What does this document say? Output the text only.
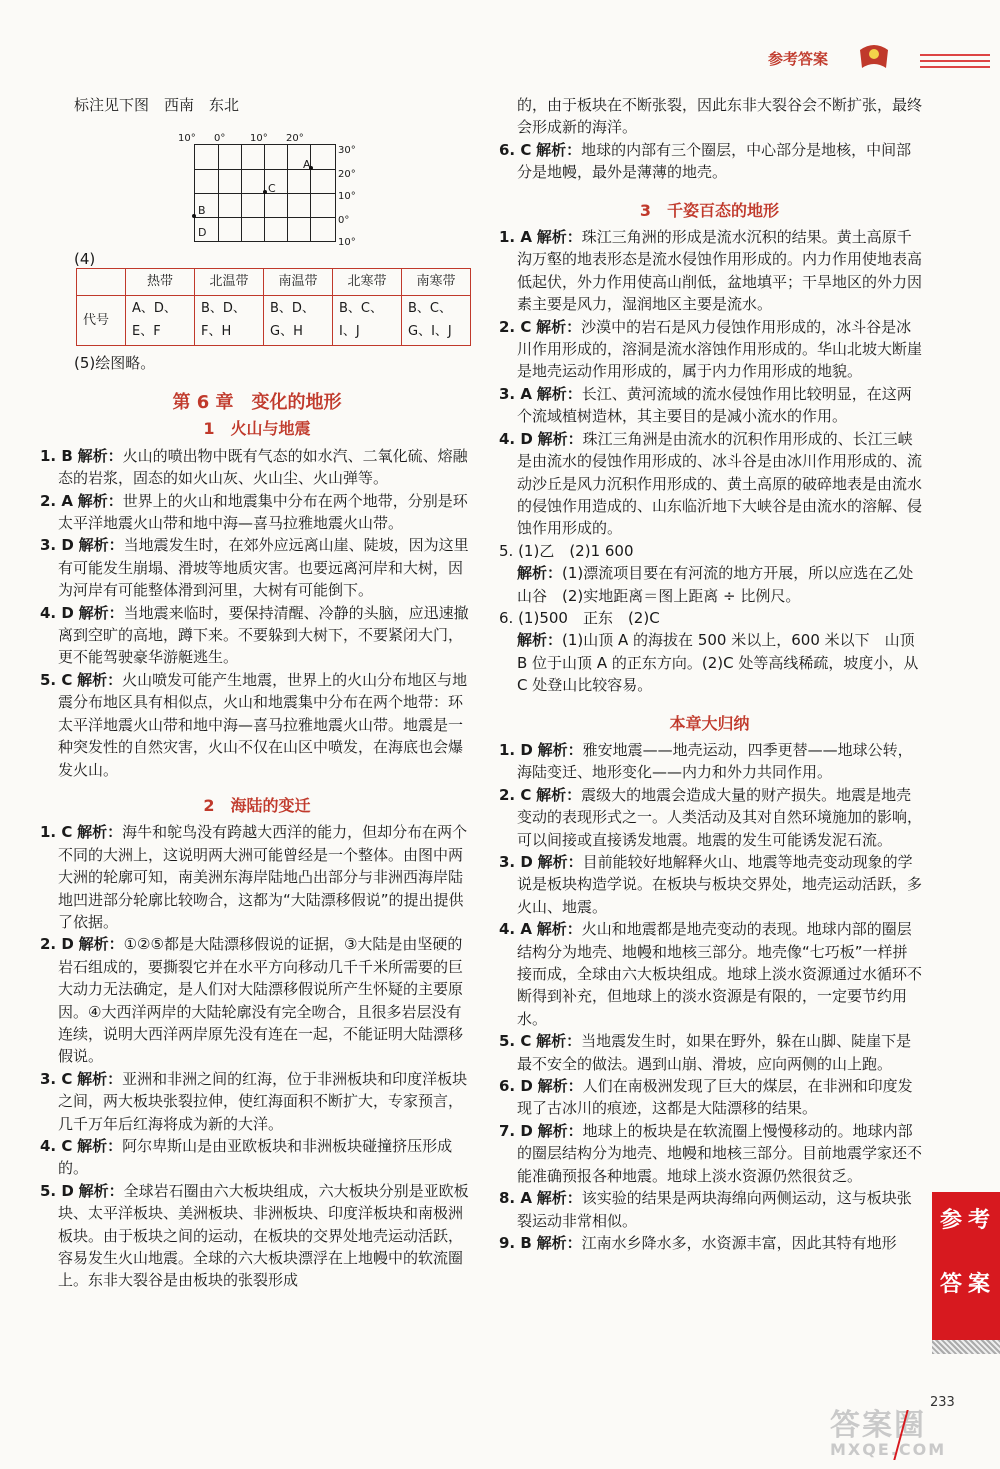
参考答案
标注见下图　西南　东北
10° 0° 10° 20°
30°
20°
10°
0°
10°
A
B
C
D
(4)
	热带	北温带	南温带	北寒带	南寒带
代号	A、D、E、F	B、D、F、H	B、D、G、H	B、C、I、J	B、C、G、I、J
(5)绘图略。

第 6 章　变化的地形

1　火山与地震

1. B 解析：火山的喷出物中既有气态的如水汽、二氧化硫、熔融态的岩浆，固态的如火山灰、火山尘、火山弹等。

2. A 解析：世界上的火山和地震集中分布在两个地带，分别是环太平洋地震火山带和地中海—喜马拉雅地震火山带。

3. D 解析：当地震发生时，在郊外应远离山崖、陡坡，因为这里有可能发生崩塌、滑坡等地质灾害。也要远离河岸和大树，因为河岸有可能整体滑到河里，大树有可能倒下。

4. D 解析：当地震来临时，要保持清醒、冷静的头脑，应迅速撤离到空旷的高地，蹲下来。不要躲到大树下，不要紧闭大门，更不能驾驶豪华游艇逃生。

5. C 解析：火山喷发可能产生地震，世界上的火山分布地区与地震分布地区具有相似点，火山和地震集中分布在两个地带：环太平洋地震火山带和地中海—喜马拉雅地震火山带。地震是一种突发性的自然灾害，火山不仅在山区中喷发，在海底也会爆发火山。

2　海陆的变迁

1. C 解析：海牛和鸵鸟没有跨越大西洋的能力，但却分布在两个不同的大洲上，这说明两大洲可能曾经是一个整体。由图中两大洲的轮廓可知，南美洲东海岸陆地凸出部分与非洲西海岸陆地凹进部分轮廓比较吻合，这都为“大陆漂移假说”的提出提供了依据。

2. D 解析：①②⑤都是大陆漂移假说的证据，③大陆是由坚硬的岩石组成的，要撕裂它并在水平方向移动几千千米所需要的巨大动力无法确定，是人们对大陆漂移假说所产生怀疑的主要原因。④大西洋两岸的大陆轮廓没有完全吻合，且很多岩层没有连续，说明大西洋两岸原先没有连在一起，不能证明大陆漂移假说。

3. C 解析：亚洲和非洲之间的红海，位于非洲板块和印度洋板块之间，两大板块张裂拉伸，使红海面积不断扩大，专家预言，几千万年后红海将成为新的大洋。

4. C 解析：阿尔卑斯山是由亚欧板块和非洲板块碰撞挤压形成的。

5. D 解析：全球岩石圈由六大板块组成，六大板块分别是亚欧板块、太平洋板块、美洲板块、非洲板块、印度洋板块和南极洲板块。由于板块之间的运动，在板块的交界处地壳运动活跃，容易发生火山地震。全球的六大板块漂浮在上地幔中的软流圈上。东非大裂谷是由板块的张裂形成

的，由于板块在不断张裂，因此东非大裂谷会不断扩张，最终会形成新的海洋。

6. C 解析：地球的内部有三个圈层，中心部分是地核，中间部分是地幔，最外是薄薄的地壳。

3　千姿百态的地形

1. A 解析：珠江三角洲的形成是流水沉积的结果。黄土高原千沟万壑的地表形态是流水侵蚀作用形成的。内力作用使地表高低起伏，外力作用使高山削低，盆地填平；干旱地区的外力因素主要是风力，湿润地区主要是流水。

2. C 解析：沙漠中的岩石是风力侵蚀作用形成的，冰斗谷是冰川作用形成的，溶洞是流水溶蚀作用形成的。华山北坡大断崖是地壳运动作用形成的，属于内力作用形成的地貌。

3. A 解析：长江、黄河流域的流水侵蚀作用比较明显，在这两个流域植树造林，其主要目的是减小流水的作用。

4. D 解析：珠江三角洲是由流水的沉积作用形成的、长江三峡是由流水的侵蚀作用形成的、冰斗谷是由冰川作用形成的、流动沙丘是风力沉积作用形成的、黄土高原的破碎地表是由流水的侵蚀作用造成的、山东临沂地下大峡谷是由流水的溶解、侵蚀作用形成的。

5. (1)乙　(2)1 600

解析：(1)漂流项目要在有河流的地方开展，所以应选在乙处山谷　(2)实地距离＝图上距离 ÷ 比例尺。

6. (1)500　正东　(2)C

解析：(1)山顶 A 的海拔在 500 米以上，600 米以下　山顶 B 位于山顶 A 的正东方向。(2)C 处等高线稀疏，坡度小，从 C 处登山比较容易。

本章大归纳

1. D 解析：雅安地震——地壳运动，四季更替——地球公转，海陆变迁、地形变化——内力和外力共同作用。

2. C 解析：震级大的地震会造成大量的财产损失。地震是地壳变动的表现形式之一。人类活动及其对自然环境施加的影响，可以间接或直接诱发地震。地震的发生可能诱发泥石流。

3. D 解析：目前能较好地解释火山、地震等地壳变动现象的学说是板块构造学说。在板块与板块交界处，地壳运动活跃，多火山、地震。

4. A 解析：火山和地震都是地壳变动的表现。地球内部的圈层结构分为地壳、地幔和地核三部分。地壳像“七巧板”一样拼接而成，全球由六大板块组成。地球上淡水资源通过水循环不断得到补充，但地球上的淡水资源是有限的，一定要节约用水。

5. C 解析：当地震发生时，如果在野外，躲在山脚、陡崖下是最不安全的做法。遇到山崩、滑坡，应向两侧的山上跑。

6. D 解析：人们在南极洲发现了巨大的煤层，在非洲和印度发现了古冰川的痕迹，这都是大陆漂移的结果。

7. D 解析：地球上的板块是在软流圈上慢慢移动的。地球内部的圈层结构分为地壳、地幔和地核三部分。目前地震学家还不能准确预报各种地震。地球上淡水资源仍然很贫乏。

8. A 解析：该实验的结果是两块海绵向两侧运动，这与板块张裂运动非常相似。

9. B 解析：江南水乡降水多，水资源丰富，因此其特有地形

参 考
答 案
答案圈
MXQE.COM
233
